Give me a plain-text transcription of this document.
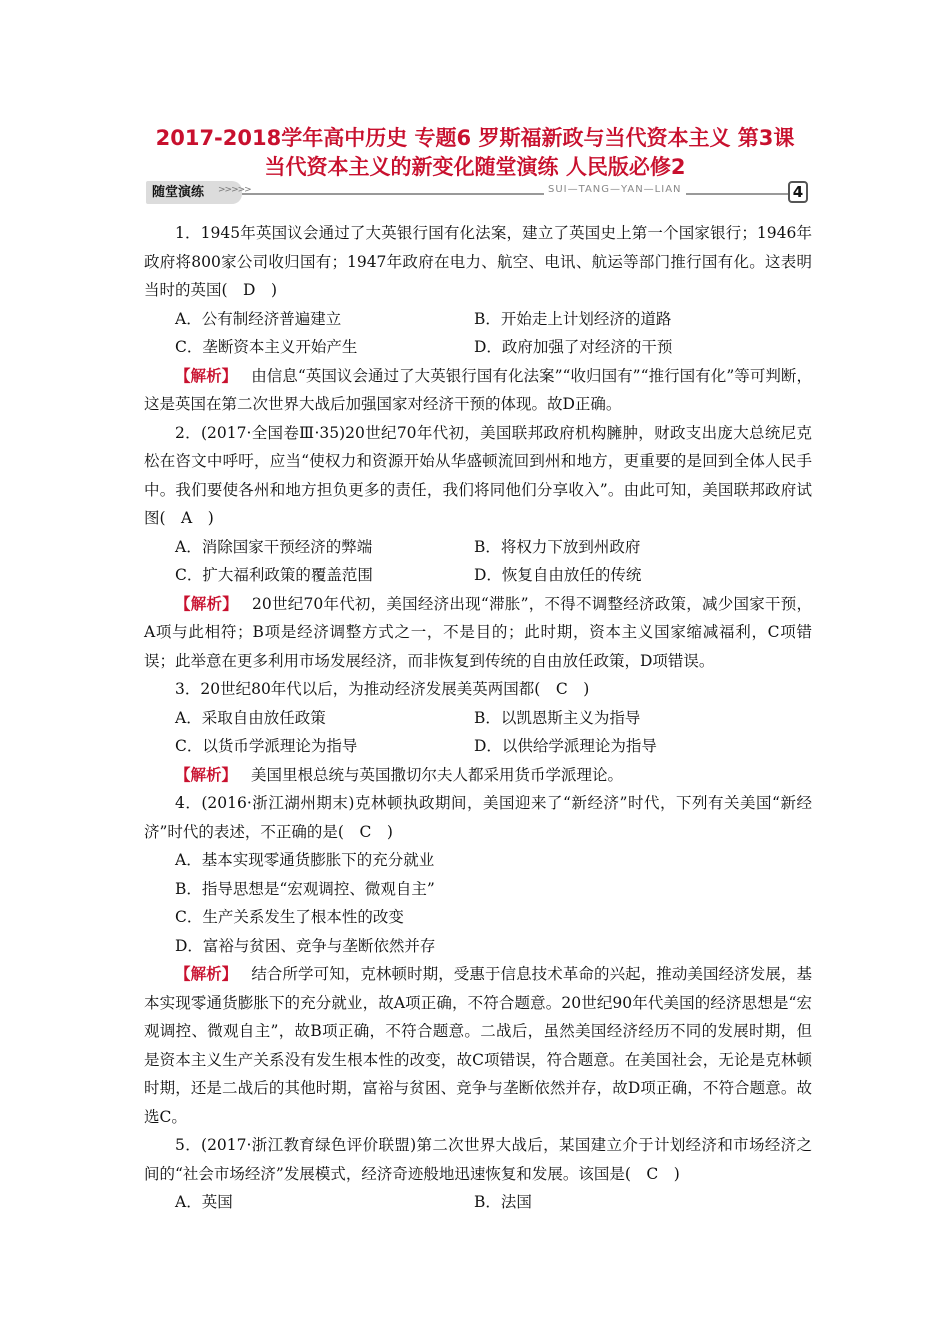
2017-2018学年高中历史 专题6 罗斯福新政与当代资本主义 第3课 当代资本主义的新变化随堂演练 人民版必修2
随堂演练	>>>>>	SUI—TANG—YAN—LIAN	4

1．1945年英国议会通过了大英银行国有化法案，建立了英国史上第一个国家银行；1946年政府将800家公司收归国有；1947年政府在电力、航空、电讯、航运等部门推行国有化。这表明当时的英国(　D　)

A．公有制经济普遍建立	B．开始走上计划经济的道路
C．垄断资本主义开始产生	D．政府加强了对经济的干预

【解析】 由信息“英国议会通过了大英银行国有化法案”“收归国有”“推行国有化”等可判断，这是英国在第二次世界大战后加强国家对经济干预的体现。故D正确。

2．(2017·全国卷Ⅲ·35)20世纪70年代初，美国联邦政府机构臃肿，财政支出庞大总统尼克松在咨文中呼吁，应当“使权力和资源开始从华盛顿流回到州和地方，更重要的是回到全体人民手中。我们要使各州和地方担负更多的责任，我们将同他们分享收入”。由此可知，美国联邦政府试图(　A　)

A．消除国家干预经济的弊端	B．将权力下放到州政府
C．扩大福利政策的覆盖范围	D．恢复自由放任的传统

【解析】 20世纪70年代初，美国经济出现“滞胀”，不得不调整经济政策，减少国家干预，A项与此相符；B项是经济调整方式之一，不是目的；此时期，资本主义国家缩减福利，C项错误；此举意在更多利用市场发展经济，而非恢复到传统的自由放任政策，D项错误。

3．20世纪80年代以后，为推动经济发展美英两国都(　C　)

A．采取自由放任政策	B．以凯恩斯主义为指导
C．以货币学派理论为指导	D．以供给学派理论为指导

【解析】 美国里根总统与英国撒切尔夫人都采用货币学派理论。

4．(2016·浙江湖州期末)克林顿执政期间，美国迎来了“新经济”时代，下列有关美国“新经济”时代的表述，不正确的是(　C　)

A．基本实现零通货膨胀下的充分就业
B．指导思想是“宏观调控、微观自主”
C．生产关系发生了根本性的改变
D．富裕与贫困、竞争与垄断依然并存

【解析】 结合所学可知，克林顿时期，受惠于信息技术革命的兴起，推动美国经济发展，基本实现零通货膨胀下的充分就业，故A项正确，不符合题意。20世纪90年代美国的经济思想是“宏观调控、微观自主”，故B项正确，不符合题意。二战后，虽然美国经济经历不同的发展时期，但是资本主义生产关系没有发生根本性的改变，故C项错误，符合题意。在美国社会，无论是克林顿时期，还是二战后的其他时期，富裕与贫困、竞争与垄断依然并存，故D项正确，不符合题意。故选C。

5．(2017·浙江教育绿色评价联盟)第二次世界大战后，某国建立介于计划经济和市场经济之间的“社会市场经济”发展模式，经济奇迹般地迅速恢复和发展。该国是(　C　)

A．英国	B．法国
